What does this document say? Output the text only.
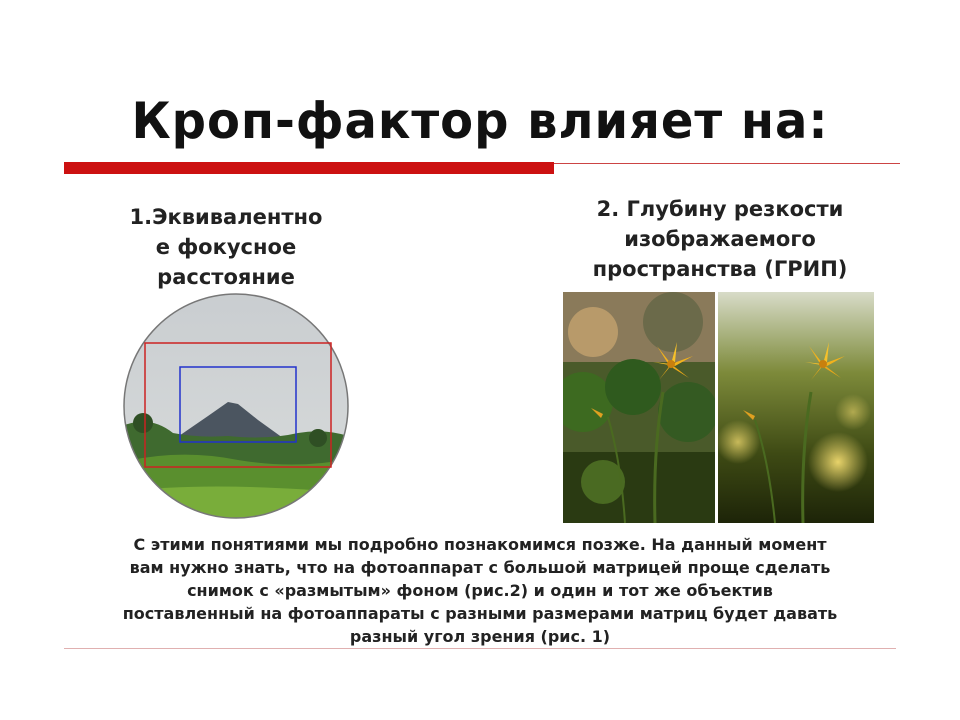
Кроп-фактор влияет на:
1.Эквивалентно
е фокусное
расстояние
2. Глубину резкости
изображаемого
пространства (ГРИП)
С этими понятиями мы подробно познакомимся позже. На данный момент
вам нужно знать, что на фотоаппарат с большой матрицей проще сделать
снимок с «размытым» фоном (рис.2) и один и тот же объектив
поставленный на фотоаппараты с разными размерами матриц будет давать
разный угол зрения (рис. 1)
